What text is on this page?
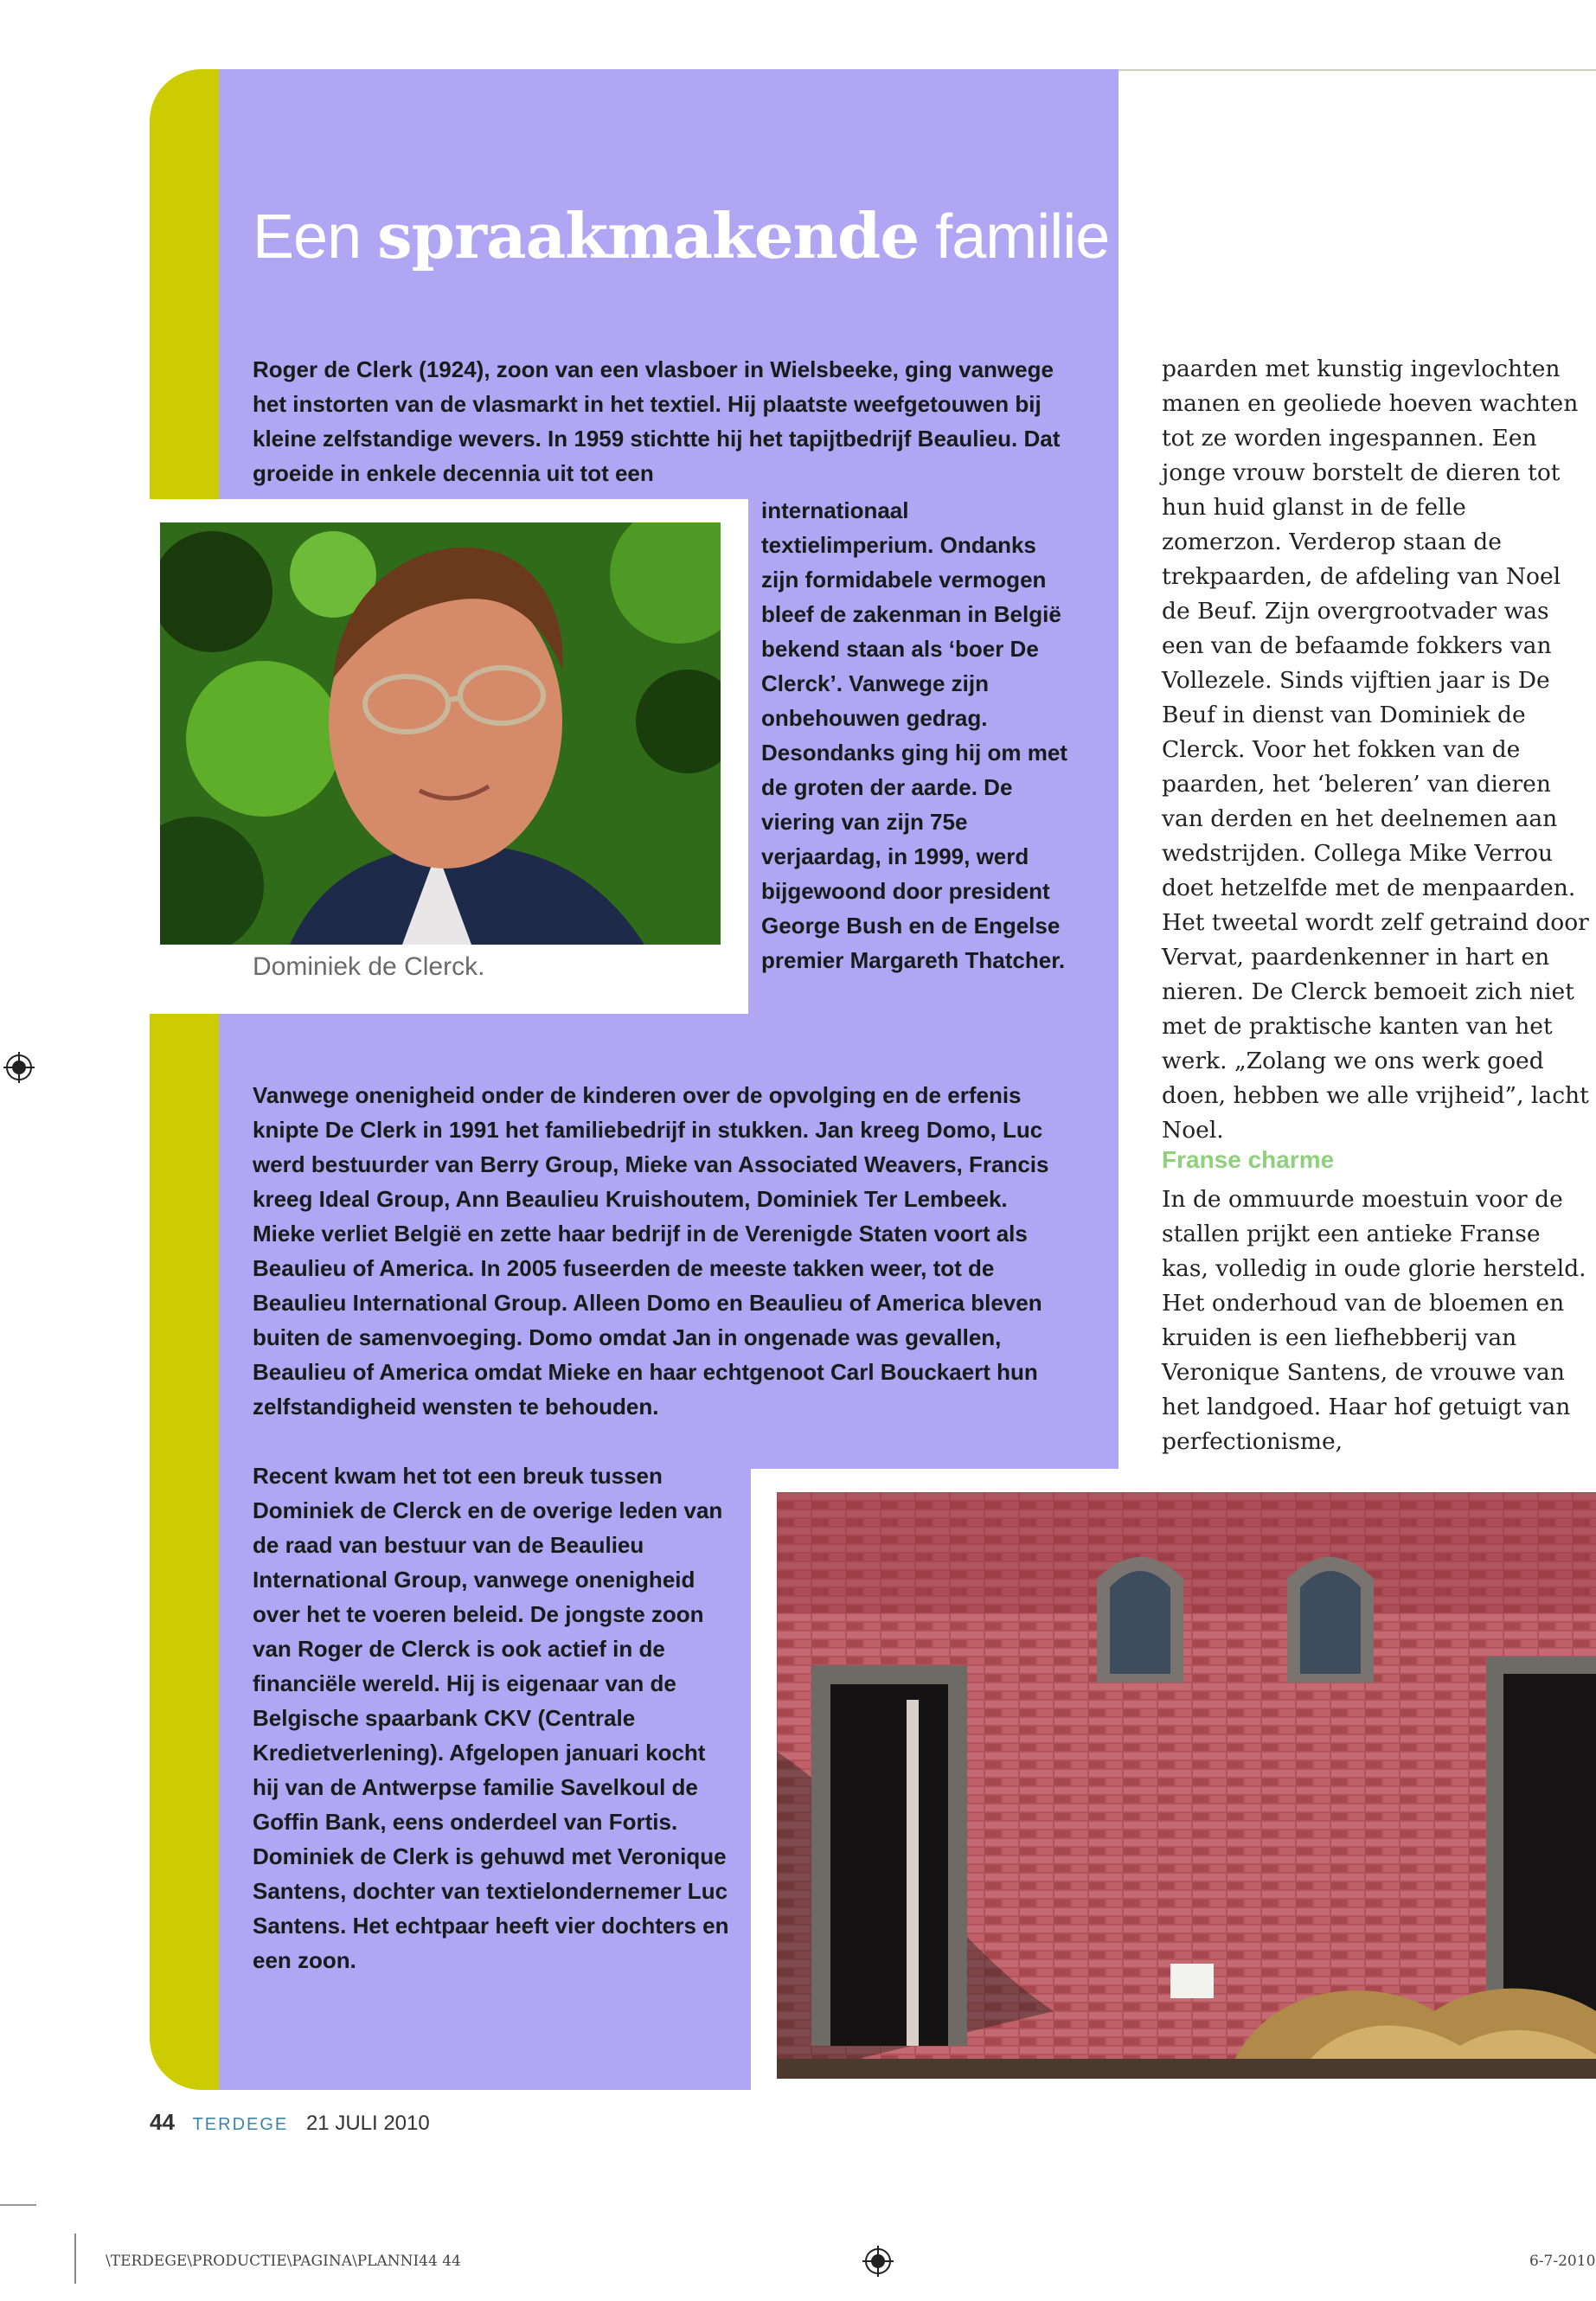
Een spraakmakende familie

Roger de Clerk (1924), zoon van een vlasboer in Wielsbeeke, ging vanwege het instorten van de vlasmarkt in het textiel. Hij plaatste weefgetouwen bij kleine zelfstandige wevers. In 1959 stichtte hij het tapijtbedrijf Beaulieu. Dat groeide in enkele decennia uit tot een

Dominiek de Clerck.

internationaal textielimperium. Ondanks zijn formidabele vermogen bleef de zakenman in België bekend staan als ‘boer De Clerck’. Vanwege zijn onbehouwen gedrag. Desondanks ging hij om met de groten der aarde. De viering van zijn 75e verjaardag, in 1999, werd bijgewoond door president George Bush en de Engelse premier Margareth Thatcher.

Vanwege onenigheid onder de kinderen over de opvolging en de erfenis knipte De Clerk in 1991 het familiebedrijf in stukken. Jan kreeg Domo, Luc werd bestuurder van Berry Group, Mieke van Associated Weavers, Francis kreeg Ideal Group, Ann Beaulieu Kruishoutem, Dominiek Ter Lembeek. Mieke verliet België en zette haar bedrijf in de Verenigde Staten voort als Beaulieu of America. In 2005 fuseerden de meeste takken weer, tot de Beaulieu International Group. Alleen Domo en Beaulieu of America bleven buiten de samenvoeging. Domo omdat Jan in ongenade was gevallen, Beaulieu of America omdat Mieke en haar echtgenoot Carl Bouckaert hun zelfstandigheid wensten te behouden.

Recent kwam het tot een breuk tussen Dominiek de Clerck en de overige leden van de raad van bestuur van de Beaulieu International Group, vanwege onenigheid over het te voeren beleid. De jongste zoon van Roger de Clerck is ook actief in de financiële wereld. Hij is eigenaar van de Belgische spaarbank CKV (Centrale Kredietverlening). Afgelopen januari kocht hij van de Antwerpse familie Savelkoul de Goffin Bank, eens onderdeel van Fortis. Dominiek de Clerk is gehuwd met Veronique Santens, dochter van textielondernemer Luc Santens. Het echtpaar heeft vier dochters en een zoon.

paarden met kunstig ingevlochten manen en geoliede hoeven wachten tot ze worden ingespannen. Een jonge vrouw borstelt de dieren tot hun huid glanst in de felle zomerzon. Verderop staan de trekpaarden, de afdeling van Noel de Beuf. Zijn overgrootvader was een van de befaamde fokkers van Vollezele. Sinds vijftien jaar is De Beuf in dienst van Dominiek de Clerck. Voor het fokken van de paarden, het ‘beleren’ van dieren van derden en het deelnemen aan wedstrijden. Collega Mike Verrou doet hetzelfde met de menpaarden. Het tweetal wordt zelf getraind door Vervat, paardenkenner in hart en nieren. De Clerck bemoeit zich niet met de praktische kanten van het werk. „Zolang we ons werk goed doen, hebben we alle vrijheid”, lacht Noel.

Franse charme

In de ommuurde moestuin voor de stallen prijkt een antieke Franse kas, volledig in oude glorie hersteld. Het onderhoud van de bloemen en kruiden is een liefhebberij van Veronique Santens, de vrouwe van het landgoed. Haar hof getuigt van perfectionisme,

44 TERDEGE 21 JULI 2010

\TERDEGE\PRODUCTIE\PAGINA\PLANNI44 44	6-7-2010
